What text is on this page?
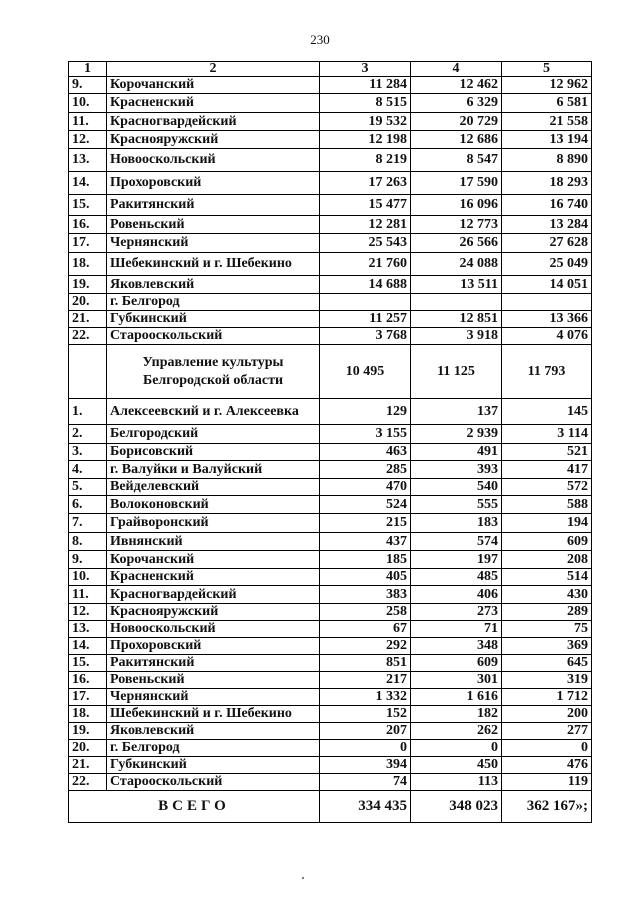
230
1	2	3	4	5
9.	Корочанский	11 284	12 462	12 962
10.	Красненский	8 515	6 329	6 581
11.	Красногвардейский	19 532	20 729	21 558
12.	Краснояружский	12 198	12 686	13 194
13.	Новооскольский	8 219	8 547	8 890
14.	Прохоровский	17 263	17 590	18 293
15.	Ракитянский	15 477	16 096	16 740
16.	Ровеньский	12 281	12 773	13 284
17.	Чернянский	25 543	26 566	27 628
18.	Шебекинский и г. Шебекино	21 760	24 088	25 049
19.	Яковлевский	14 688	13 511	14 051
20.	г. Белгород			
21.	Губкинский	11 257	12 851	13 366
22.	Старооскольский	3 768	3 918	4 076
	Управление культуры Белгородской области	10 495	11 125	11 793
1.	Алексеевский и г. Алексеевка	129	137	145
2.	Белгородский	3 155	2 939	3 114
3.	Борисовский	463	491	521
4.	г. Валуйки и Валуйский	285	393	417
5.	Вейделевский	470	540	572
6.	Волоконовский	524	555	588
7.	Грайворонский	215	183	194
8.	Ивнянский	437	574	609
9.	Корочанский	185	197	208
10.	Красненский	405	485	514
11.	Красногвардейский	383	406	430
12.	Краснояружский	258	273	289
13.	Новооскольский	67	71	75
14.	Прохоровский	292	348	369
15.	Ракитянский	851	609	645
16.	Ровеньский	217	301	319
17.	Чернянский	1 332	1 616	1 712
18.	Шебекинский и г. Шебекино	152	182	200
19.	Яковлевский	207	262	277
20.	г. Белгород	0	0	0
21.	Губкинский	394	450	476
22.	Старооскольский	74	113	119
ВСЕГО		334 435	348 023	362 167»;
